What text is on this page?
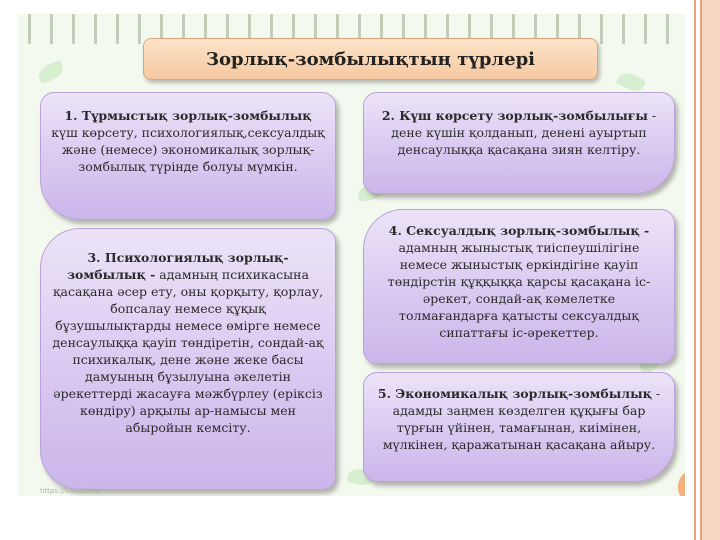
Зорлық-зомбылықтың түрлері
1. Тұрмыстық зорлық-зомбылық күш көрсету, психологиялық,сексуалдық және (немесе) экономикалық зорлық-зомбылық түрінде болуы мүмкін.
2. Күш көрсету зорлық-зомбылығы - дене күшін қолданып, денені ауыртып денсаулыққа қасақана зиян келтіру.
3. Психологиялық зорлық-зомбылық - адамның психикасына қасақана әсер ету, оны қорқыту, қорлау, бопсалау немесе құқық бұзушылықтарды немесе өмірге немесе денсаулыққа қауіп төндіретін, сондай-ақ психикалық, дене және жеке басы дамуының бұзылуына әкелетін әрекеттерді жасауға мәжбүрлеу (еріксіз көндіру) арқылы ар-намысы мен абыройын кемсіту.
4. Сексуалдық зорлық-зомбылық - адамның жыныстық тиіспеушілігіне немесе жыныстық еркіндігіне қауіп төндірстін құққыққа қарсы қасақана іс-әрекет, сондай-ақ кәмелетке толмағандарға қатысты сексуалдық сипаттағы іс-әрекеттер.
5. Экономикалық зорлық-зомбылық - адамды заңмен көзделген құқығы бар түрғын үйінен, тамағынан, киімінен, мүлкінен, қаражатынан қасақана айыру.
https://kanallarku
